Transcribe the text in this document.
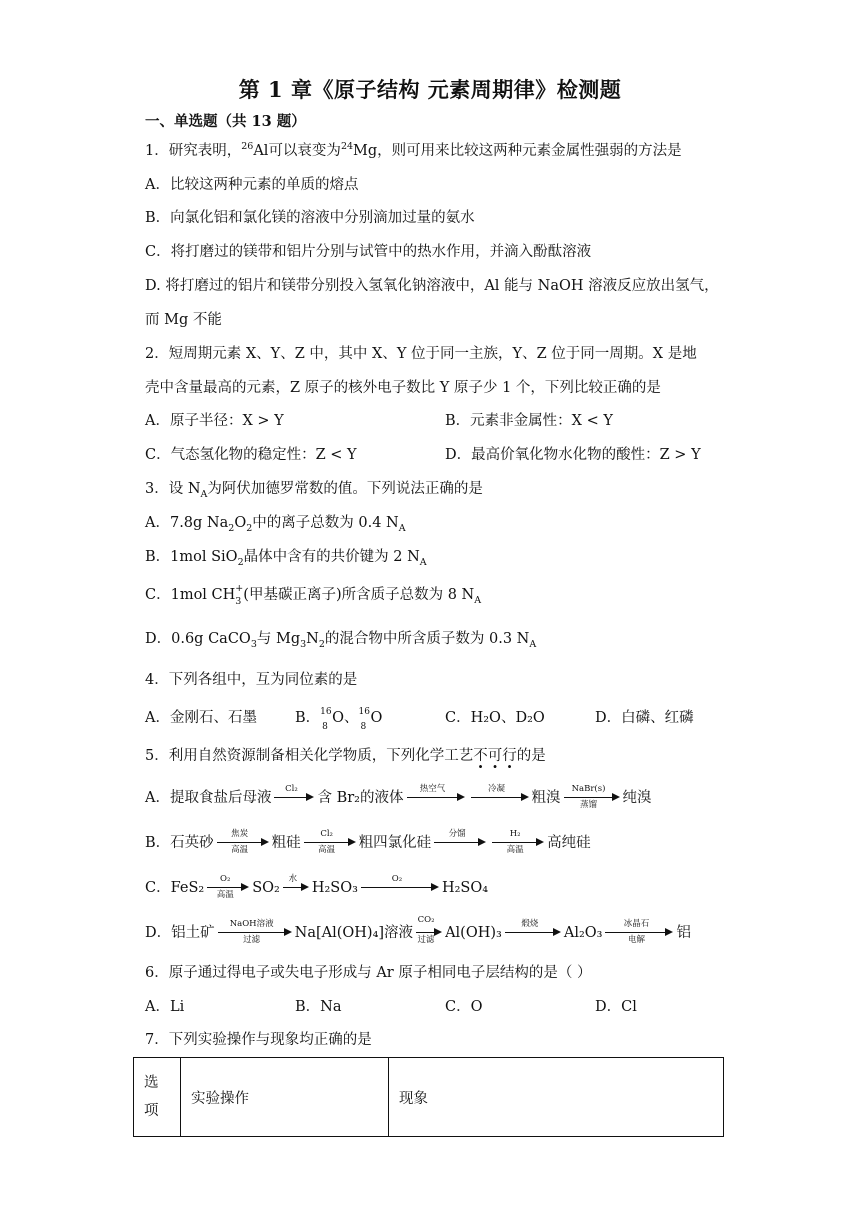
第 1 章《原子结构 元素周期律》检测题
一、单选题（共 13 题）
1．研究表明，$^{26}$Al可以衰变为$^{24}$Mg，则可用来比较这两种元素金属性强弱的方法是
A．比较这两种元素的单质的熔点
B．向氯化铝和氯化镁的溶液中分别滴加过量的氨水
C．将打磨过的镁带和铝片分别与试管中的热水作用，并滴入酚酞溶液
D. 将打磨过的铝片和镁带分别投入氢氧化钠溶液中，Al 能与 NaOH 溶液反应放出氢气，
而 Mg 不能
2．短周期元素 X、Y、Z 中，其中 X、Y 位于同一主族，Y、Z 位于同一周期。X 是地
壳中含量最高的元素，Z 原子的核外电子数比 Y 原子少 1 个，下列比较正确的是
A．原子半径：X > Y	B．元素非金属性：X < Y
C．气态氢化物的稳定性：Z < Y	D．最高价氧化物水化物的酸性：Z > Y
3．设 $N_A$为阿伏加德罗常数的值。下列说法正确的是
A．7.8g $Na_2O_2$中的离子总数为 0.4 $N_A$
B．1mol SiO$_2$晶体中含有的共价键为 2 $N_A$
C．1mol CH +
3 (甲基碳正离子)所含质子总数为 8 $N_A$
D．0.6g CaCO$_3$与 $Mg_3N_2$的混合物中所含质子数为 0.3 $N_A$
4．下列各组中，互为同位素的是
A．金刚石、石墨	B． 16
8
O、 16
8
O	C．H₂O、D₂O	D．白磷、红磷
5．利用自然资源制备相关化学物质，下列化学工艺不可行的是
A．提取食盐后母液
Cl₂
含 Br₂的液体
热空气	冷凝
粗溴
NaBr(s)
蒸馏	纯溴
B．石英砂
焦炭
高温	粗硅
Cl₂
高温	粗四氯化硅
分馏	H₂
高温	高纯硅
C．FeS₂
O₂
高温	SO₂
水
H₂SO₃
O₂
H₂SO₄
D．铝土矿
NaOH溶液
过滤	Na[Al(OH)₄]溶液
CO₂
过滤 Al(OH)₃
煅烧
Al₂O₃
冰晶石
电解	铝
6．原子通过得电子或失电子形成与 Ar 原子相同电子层结构的是（ ）
A．Li	B．Na	C．O	D．Cl
7．下列实验操作与现象均正确的是
选
项	实验操作	现象
